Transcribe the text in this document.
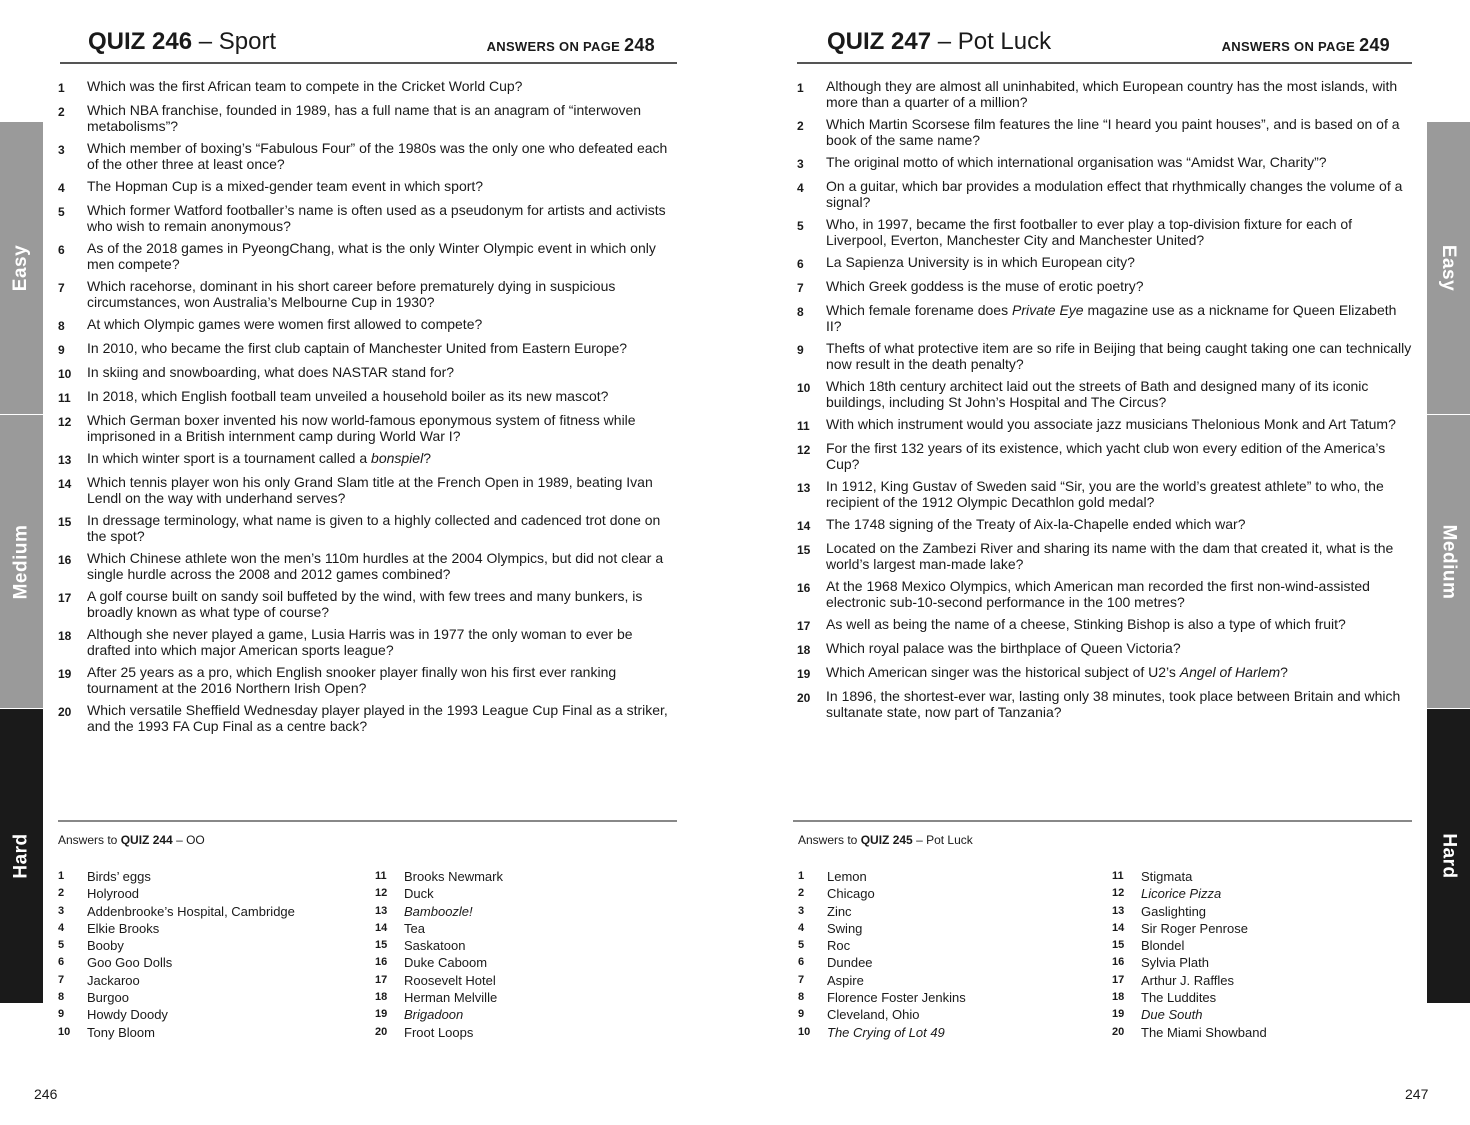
QUIZ 246 – Sport	ANSWERS ON PAGE 248
1	Which was the first African team to compete in the Cricket World Cup?
2	Which NBA franchise, founded in 1989, has a full name that is an anagram of “interwoven metabolisms”?
3	Which member of boxing’s “Fabulous Four” of the 1980s was the only one who defeated each of the other three at least once?
4	The Hopman Cup is a mixed-gender team event in which sport?
5	Which former Watford footballer’s name is often used as a pseudonym for artists and activists who wish to remain anonymous?
6	As of the 2018 games in PyeongChang, what is the only Winter Olympic event in which only men compete?
7	Which racehorse, dominant in his short career before prematurely dying in suspicious circumstances, won Australia’s Melbourne Cup in 1930?
8	At which Olympic games were women first allowed to compete?
9	In 2010, who became the first club captain of Manchester United from Eastern Europe?
10	In skiing and snowboarding, what does NASTAR stand for?
11	In 2018, which English football team unveiled a household boiler as its new mascot?
12	Which German boxer invented his now world-famous eponymous system of fitness while imprisoned in a British internment camp during World War I?
13	In which winter sport is a tournament called a bonspiel?
14	Which tennis player won his only Grand Slam title at the French Open in 1989, beating Ivan Lendl on the way with underhand serves?
15	In dressage terminology, what name is given to a highly collected and cadenced trot done on the spot?
16	Which Chinese athlete won the men’s 110m hurdles at the 2004 Olympics, but did not clear a single hurdle across the 2008 and 2012 games combined?
17	A golf course built on sandy soil buffeted by the wind, with few trees and many bunkers, is broadly known as what type of course?
18	Although she never played a game, Lusia Harris was in 1977 the only woman to ever be drafted into which major American sports league?
19	After 25 years as a pro, which English snooker player finally won his first ever ranking tournament at the 2016 Northern Irish Open?
20	Which versatile Sheffield Wednesday player played in the 1993 League Cup Final as a striker, and the 1993 FA Cup Final as a centre back?
Answers to QUIZ 244 – OO
1	Birds’ eggs
2	Holyrood
3	Addenbrooke’s Hospital, Cambridge
4	Elkie Brooks
5	Booby
6	Goo Goo Dolls
7	Jackaroo
8	Burgoo
9	Howdy Doody
10	Tony Bloom
11	Brooks Newmark
12	Duck
13	Bamboozle!
14	Tea
15	Saskatoon
16	Duke Caboom
17	Roosevelt Hotel
18	Herman Melville
19	Brigadoon
20	Froot Loops
246
Easy
Medium
Hard
QUIZ 247 – Pot Luck	ANSWERS ON PAGE 249
1	Although they are almost all uninhabited, which European country has the most islands, with more than a quarter of a million?
2	Which Martin Scorsese film features the line “I heard you paint houses”, and is based on of a book of the same name?
3	The original motto of which international organisation was “Amidst War, Charity”?
4	On a guitar, which bar provides a modulation effect that rhythmically changes the volume of a signal?
5	Who, in 1997, became the first footballer to ever play a top-division fixture for each of Liverpool, Everton, Manchester City and Manchester United?
6	La Sapienza University is in which European city?
7	Which Greek goddess is the muse of erotic poetry?
8	Which female forename does Private Eye magazine use as a nickname for Queen Elizabeth II?
9	Thefts of what protective item are so rife in Beijing that being caught taking one can technically now result in the death penalty?
10	Which 18th century architect laid out the streets of Bath and designed many of its iconic buildings, including St John’s Hospital and The Circus?
11	With which instrument would you associate jazz musicians Thelonious Monk and Art Tatum?
12	For the first 132 years of its existence, which yacht club won every edition of the America’s Cup?
13	In 1912, King Gustav of Sweden said “Sir, you are the world’s greatest athlete” to who, the recipient of the 1912 Olympic Decathlon gold medal?
14	The 1748 signing of the Treaty of Aix-la-Chapelle ended which war?
15	Located on the Zambezi River and sharing its name with the dam that created it, what is the world’s largest man-made lake?
16	At the 1968 Mexico Olympics, which American man recorded the first non-wind-assisted electronic sub-10-second performance in the 100 metres?
17	As well as being the name of a cheese, Stinking Bishop is also a type of which fruit?
18	Which royal palace was the birthplace of Queen Victoria?
19	Which American singer was the historical subject of U2’s Angel of Harlem?
20	In 1896, the shortest-ever war, lasting only 38 minutes, took place between Britain and which sultanate state, now part of Tanzania?
Answers to QUIZ 245 – Pot Luck
1	Lemon
2	Chicago
3	Zinc
4	Swing
5	Roc
6	Dundee
7	Aspire
8	Florence Foster Jenkins
9	Cleveland, Ohio
10	The Crying of Lot 49
11	Stigmata
12	Licorice Pizza
13	Gaslighting
14	Sir Roger Penrose
15	Blondel
16	Sylvia Plath
17	Arthur J. Raffles
18	The Luddites
19	Due South
20	The Miami Showband
247
Easy
Medium
Hard
